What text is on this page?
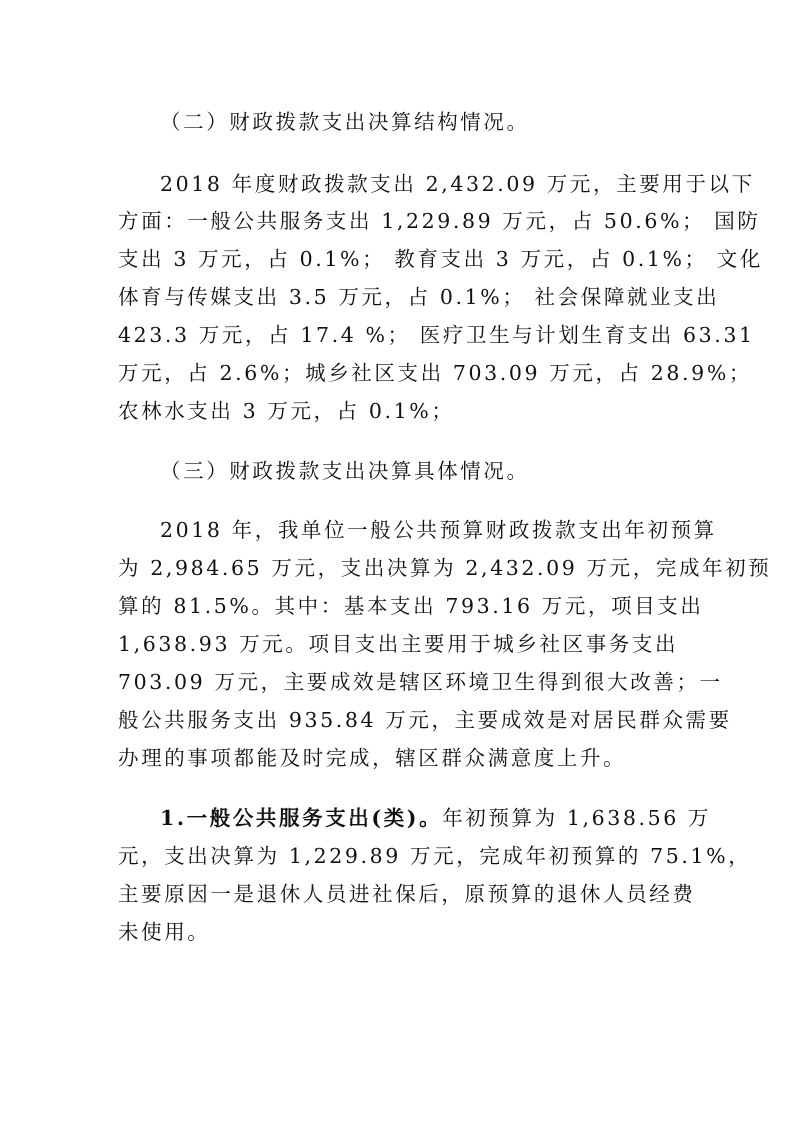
（二）财政拨款支出决算结构情况。
2018 年度财政拨款支出 2,432.09 万元，主要用于以下
方面：一般公共服务支出 1,229.89 万元，占 50.6%； 国防
支出 3 万元，占 0.1%； 教育支出 3 万元，占 0.1%； 文化
体育与传媒支出 3.5 万元，占 0.1%； 社会保障就业支出
423.3 万元，占 17.4 %； 医疗卫生与计划生育支出 63.31
万元，占 2.6%；城乡社区支出 703.09 万元，占 28.9%；
农林水支出 3 万元，占 0.1%；
（三）财政拨款支出决算具体情况。
2018 年，我单位一般公共预算财政拨款支出年初预算
为 2,984.65 万元，支出决算为 2,432.09 万元，完成年初预
算的 81.5%。其中：基本支出 793.16 万元，项目支出
1,638.93 万元。项目支出主要用于城乡社区事务支出
703.09 万元，主要成效是辖区环境卫生得到很大改善；一
般公共服务支出 935.84 万元，主要成效是对居民群众需要
办理的事项都能及时完成，辖区群众满意度上升。
1.一般公共服务支出(类)。年初预算为 1,638.56 万
元，支出决算为 1,229.89 万元，完成年初预算的 75.1%，
主要原因一是退休人员进社保后，原预算的退休人员经费
未使用。
